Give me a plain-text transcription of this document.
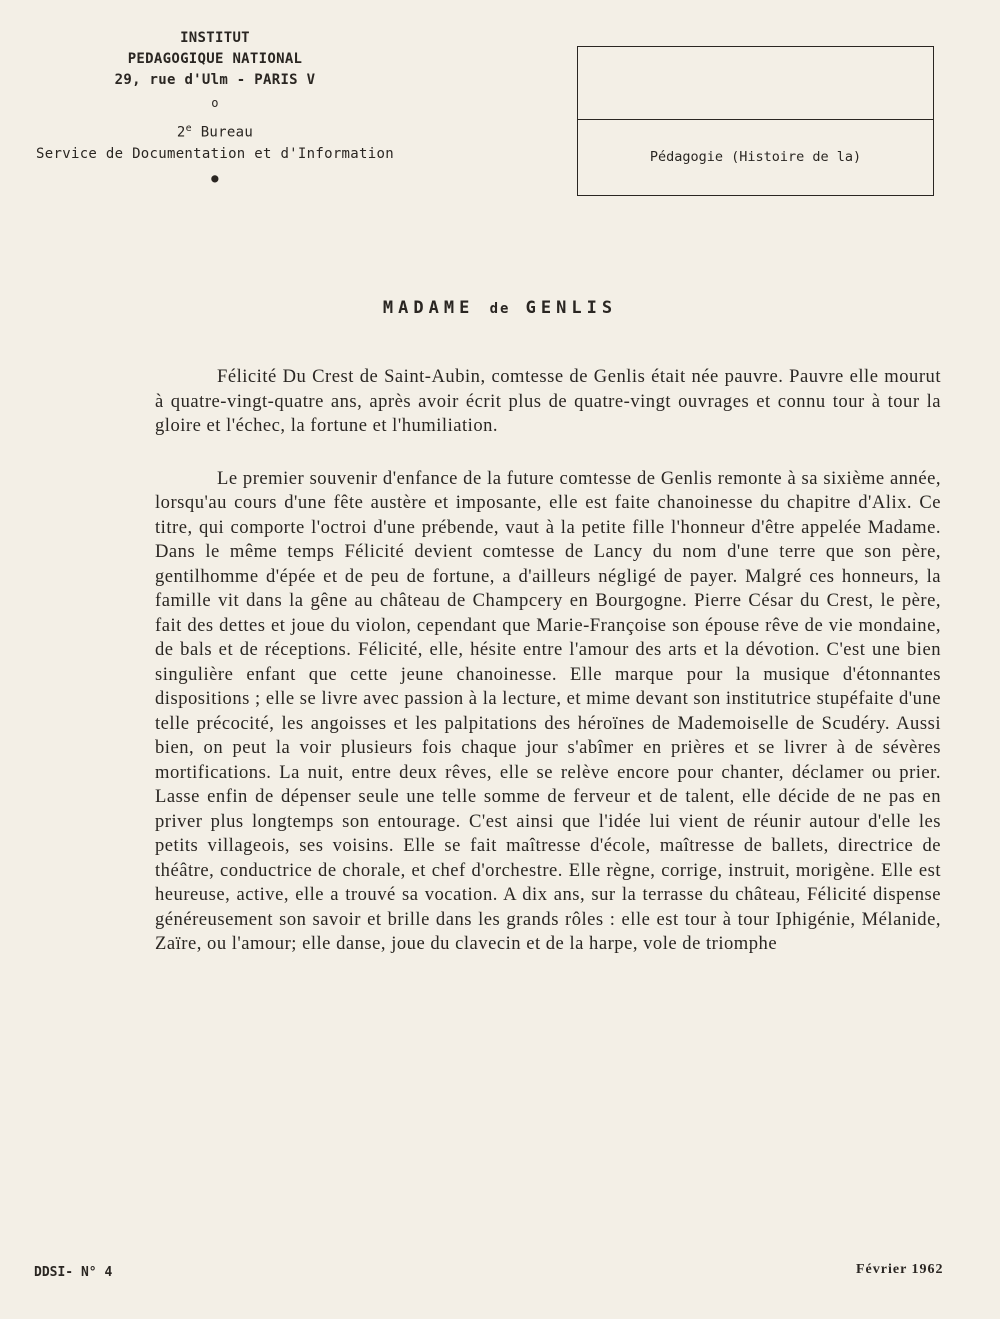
INSTITUT
PEDAGOGIQUE NATIONAL
29, rue d'Ulm - PARIS V
o
2e Bureau
Service de Documentation et d'Information
●
Pédagogie (Histoire de la)
MADAME de GENLIS

Félicité Du Crest de Saint-Aubin, comtesse de Genlis était née pauvre. Pauvre elle mourut à quatre-vingt-quatre ans, après avoir écrit plus de quatre-vingt ouvrages et connu tour à tour la gloire et l'échec, la fortune et l'humiliation.

Le premier souvenir d'enfance de la future comtesse de Genlis remonte à sa sixième année, lorsqu'au cours d'une fête austère et imposante, elle est faite chanoinesse du chapitre d'Alix. Ce titre, qui comporte l'octroi d'une prébende, vaut à la petite fille l'honneur d'être appelée Madame. Dans le même temps Félicité devient comtesse de Lancy du nom d'une terre que son père, gentilhomme d'épée et de peu de fortune, a d'ailleurs négligé de payer. Malgré ces honneurs, la famille vit dans la gêne au château de Champcery en Bourgogne. Pierre César du Crest, le père, fait des dettes et joue du violon, cependant que Marie-Françoise son épouse rêve de vie mondaine, de bals et de réceptions. Félicité, elle, hésite entre l'amour des arts et la dévotion. C'est une bien singulière enfant que cette jeune chanoinesse. Elle marque pour la musique d'étonnantes dispositions ; elle se livre avec passion à la lecture, et mime devant son institutrice stupéfaite d'une telle précocité, les angoisses et les palpitations des héroïnes de Mademoiselle de Scudéry. Aussi bien, on peut la voir plusieurs fois chaque jour s'abîmer en prières et se livrer à de sévères mortifications. La nuit, entre deux rêves, elle se relève encore pour chanter, déclamer ou prier. Lasse enfin de dépenser seule une telle somme de ferveur et de talent, elle décide de ne pas en priver plus longtemps son entourage. C'est ainsi que l'idée lui vient de réunir autour d'elle les petits villageois, ses voisins. Elle se fait maîtresse d'école, maîtresse de ballets, directrice de théâtre, conductrice de chorale, et chef d'orchestre. Elle règne, corrige, instruit, morigène. Elle est heureuse, active, elle a trouvé sa vocation. A dix ans, sur la terrasse du château, Félicité dispense généreusement son savoir et brille dans les grands rôles : elle est tour à tour Iphigénie, Mélanide, Zaïre, ou l'amour; elle danse, joue du clavecin et de la harpe, vole de triomphe

DDSI- N° 4	Février 1962
